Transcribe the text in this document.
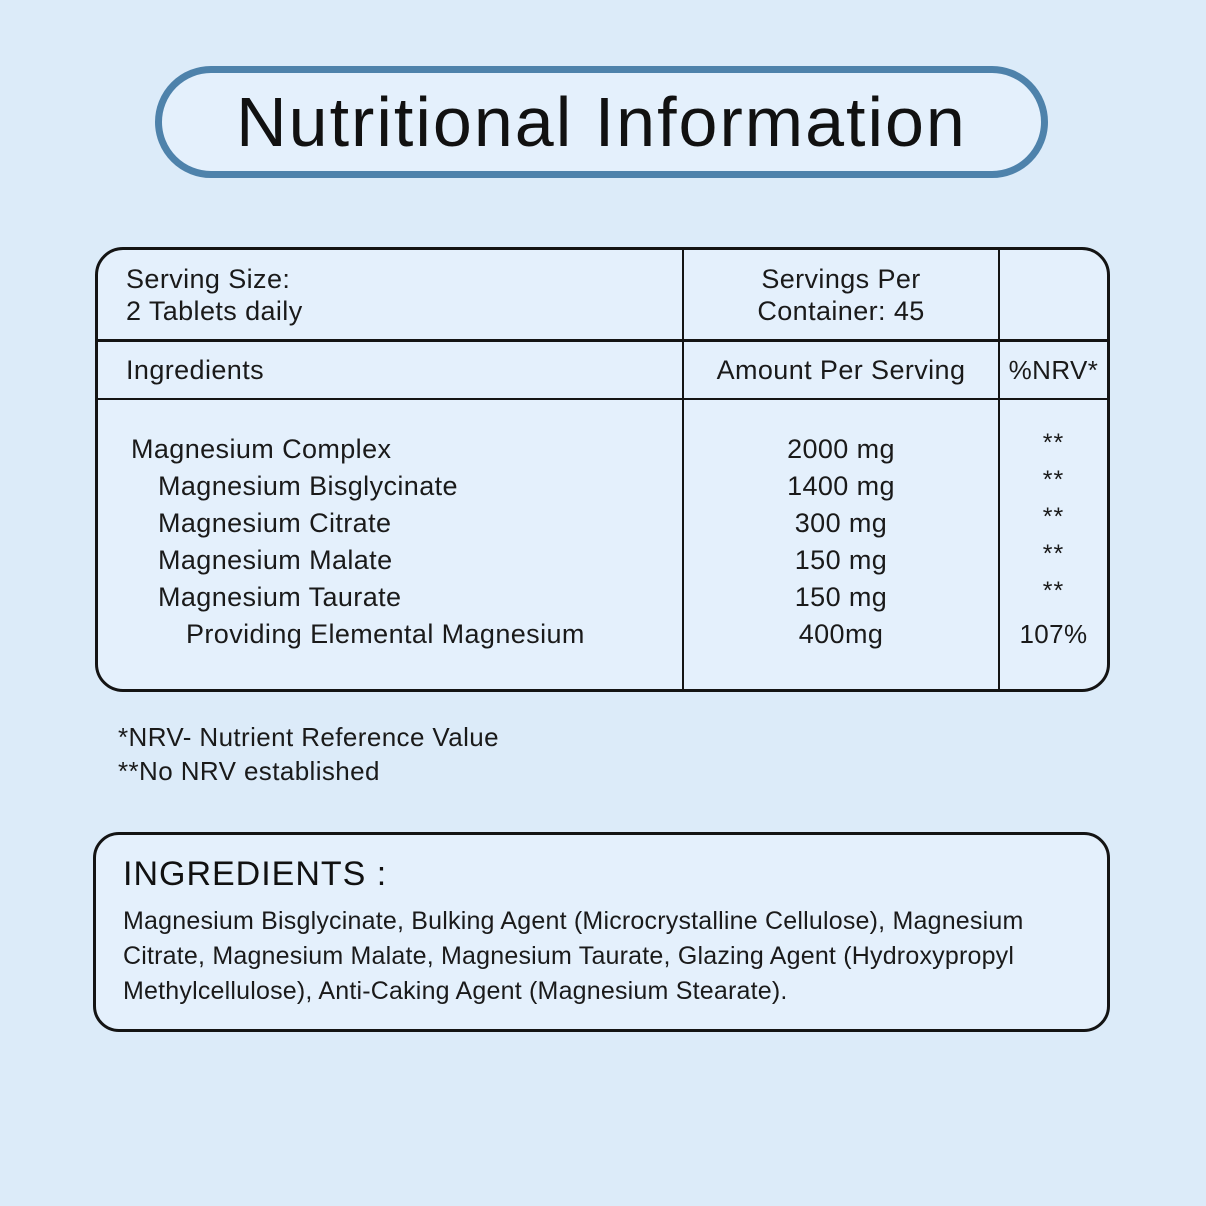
Nutritional Information
Serving Size:
2 Tablets daily
Servings Per
Container: 45
Ingredients	Amount Per Serving	%NRV*
Magnesium Complex
Magnesium Bisglycinate
Magnesium Citrate
Magnesium Malate
Magnesium Taurate
Providing Elemental Magnesium
2000 mg
1400 mg
300 mg
150 mg
150 mg
400mg
**
**
**
**
**
107%
*NRV- Nutrient Reference Value
**No NRV established
INGREDIENTS :
Magnesium Bisglycinate, Bulking Agent (Microcrystalline Cellulose), Magnesium Citrate, Magnesium Malate, Magnesium Taurate, Glazing Agent (Hydroxypropyl Methylcellulose), Anti-Caking Agent (Magnesium Stearate).
